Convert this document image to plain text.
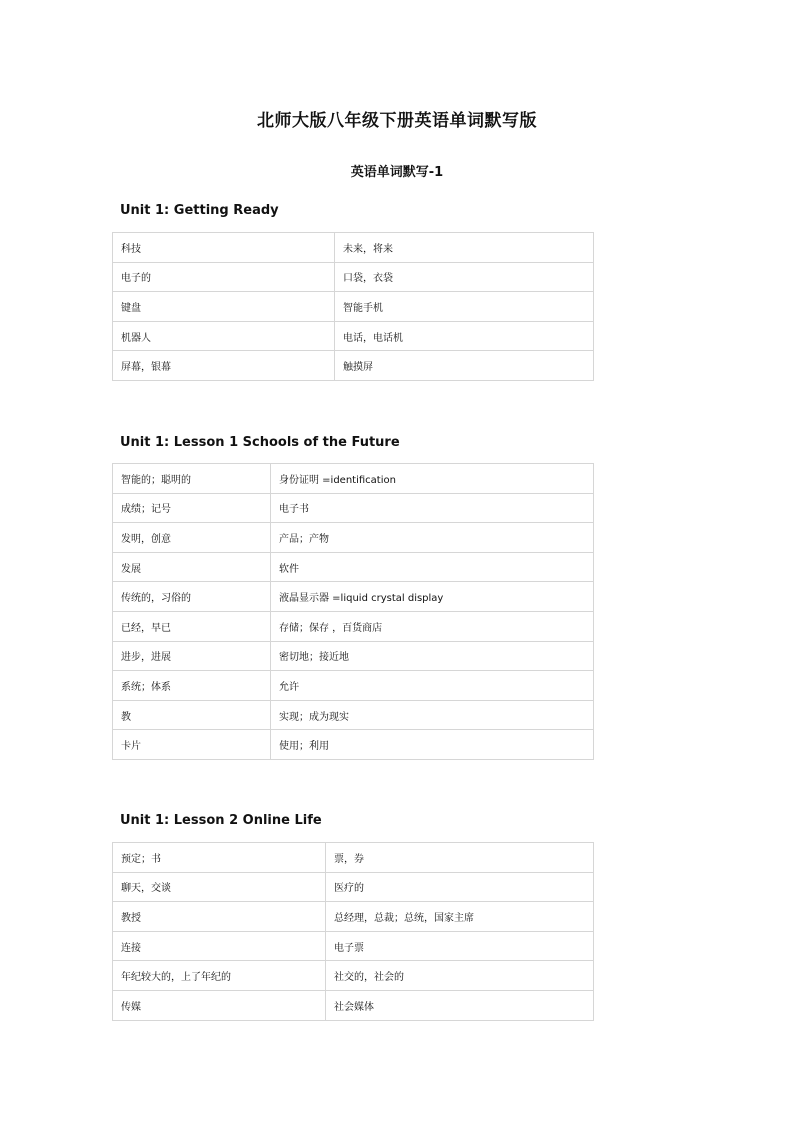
北师大版八年级下册英语单词默写版
英语单词默写-1
Unit 1: Getting Ready
科技	未来，将来
电子的	口袋，衣袋
键盘	智能手机
机器人	电话，电话机
屏幕，银幕	触摸屏
Unit 1: Lesson 1 Schools of the Future
智能的；聪明的	身份证明 =identification
成绩；记号	电子书
发明，创意	产品；产物
发展	软件
传统的，习俗的	液晶显示器 =liquid crystal display
已经，早已	存储；保存 ，百货商店
进步，进展	密切地；接近地
系统；体系	允许
教	实现；成为现实
卡片	使用；利用
Unit 1: Lesson 2 Online Life
预定；书	票，券
聊天，交谈	医疗的
教授	总经理，总裁；总统，国家主席
连接	电子票
年纪较大的，上了年纪的	社交的，社会的
传媒	社会媒体
